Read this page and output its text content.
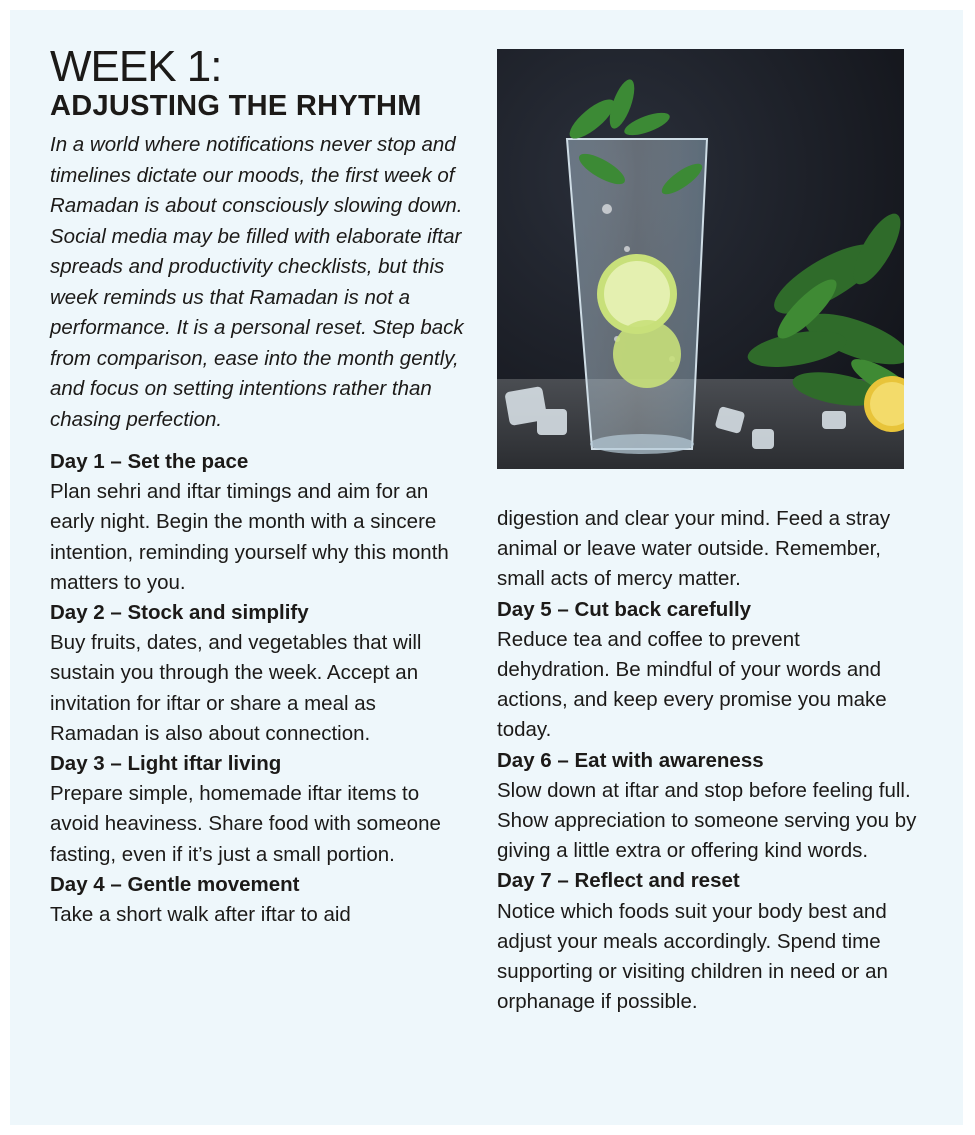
WEEK 1:
ADJUSTING THE RHYTHM

In a world where notifications never stop and timelines dictate our moods, the first week of Ramadan is about consciously slowing down. Social media may be filled with elaborate iftar spreads and productivity checklists, but this week reminds us that Ramadan is not a performance. It is a personal reset. Step back from comparison, ease into the month gently, and focus on setting intentions rather than chasing perfection.

Day 1 – Set the pace

Plan sehri and iftar timings and aim for an early night. Begin the month with a sincere intention, reminding yourself why this month matters to you.

Day 2 – Stock and simplify

Buy fruits, dates, and vegetables that will sustain you through the week. Accept an invitation for iftar or share a meal as Ramadan is also about connection.

Day 3 – Light iftar living

Prepare simple, homemade iftar items to avoid heaviness. Share food with someone fasting, even if it’s just a small portion.

Day 4 – Gentle movement

Take a short walk after iftar to aid

digestion and clear your mind. Feed a stray animal or leave water outside. Remember, small acts of mercy matter.

Day 5 – Cut back carefully

Reduce tea and coffee to prevent dehydration. Be mindful of your words and actions, and keep every promise you make today.

Day 6 – Eat with awareness

Slow down at iftar and stop before feeling full. Show appreciation to someone serving you by giving a little extra or offering kind words.

Day 7 – Reflect and reset

Notice which foods suit your body best and adjust your meals accordingly. Spend time supporting or visiting children in need or an orphanage if possible.
